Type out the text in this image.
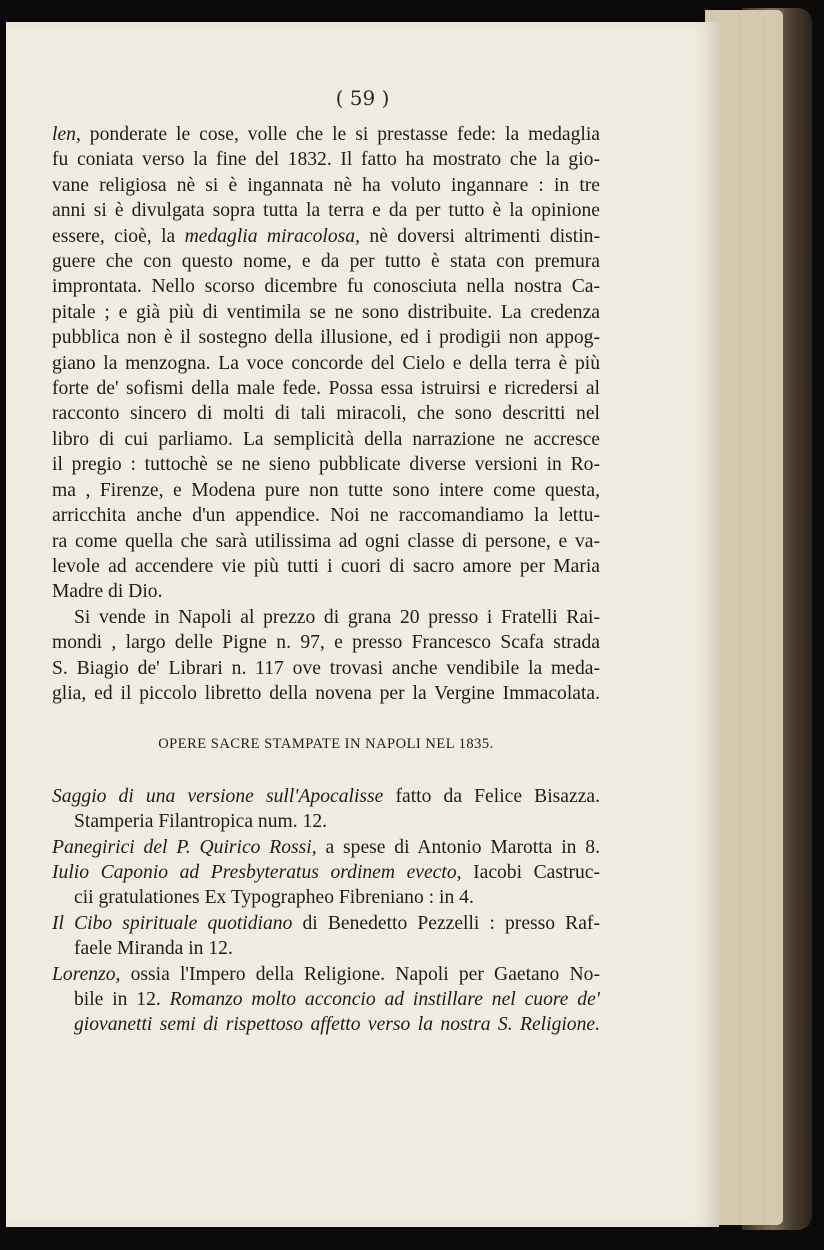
( 59 )
len, ponderate le cose, volle che le si prestasse fede: la medaglia
fu coniata verso la fine del 1832. Il fatto ha mostrato che la gio-
vane religiosa nè si è ingannata nè ha voluto ingannare : in tre
anni si è divulgata sopra tutta la terra e da per tutto è la opinione
essere, cioè, la medaglia miracolosa, nè doversi altrimenti distin-
guere che con questo nome, e da per tutto è stata con premura
improntata. Nello scorso dicembre fu conosciuta nella nostra Ca-
pitale ; e già più di ventimila se ne sono distribuite. La credenza
pubblica non è il sostegno della illusione, ed i prodigii non appog-
giano la menzogna. La voce concorde del Cielo e della terra è più
forte de' sofismi della male fede. Possa essa istruirsi e ricredersi al
racconto sincero di molti di tali miracoli, che sono descritti nel
libro di cui parliamo. La semplicità della narrazione ne accresce
il pregio : tuttochè se ne sieno pubblicate diverse versioni in Ro-
ma , Firenze, e Modena pure non tutte sono intere come questa,
arricchita anche d'un appendice. Noi ne raccomandiamo la lettu-
ra come quella che sarà utilissima ad ogni classe di persone, e va-
levole ad accendere vie più tutti i cuori di sacro amore per Maria
Madre di Dio.
Si vende in Napoli al prezzo di grana 20 presso i Fratelli Rai-
mondi , largo delle Pigne n. 97, e presso Francesco Scafa strada
S. Biagio de' Librari n. 117 ove trovasi anche vendibile la meda-
glia, ed il piccolo libretto della novena per la Vergine Immacolata.
OPERE SACRE STAMPATE IN NAPOLI NEL 1835.
Saggio di una versione sull'Apocalisse fatto da Felice Bisazza.
Stamperia Filantropica num. 12.
Panegirici del P. Quirico Rossi, a spese di Antonio Marotta in 8.
Iulio Caponio ad Presbyteratus ordinem evecto, Iacobi Castruc-
cii gratulationes Ex Typographeo Fibreniano : in 4.
Il Cibo spirituale quotidiano di Benedetto Pezzelli : presso Raf-
faele Miranda in 12.
Lorenzo, ossia l'Impero della Religione. Napoli per Gaetano No-
bile in 12. Romanzo molto acconcio ad instillare nel cuore de'
giovanetti semi di rispettoso affetto verso la nostra S. Religione.
